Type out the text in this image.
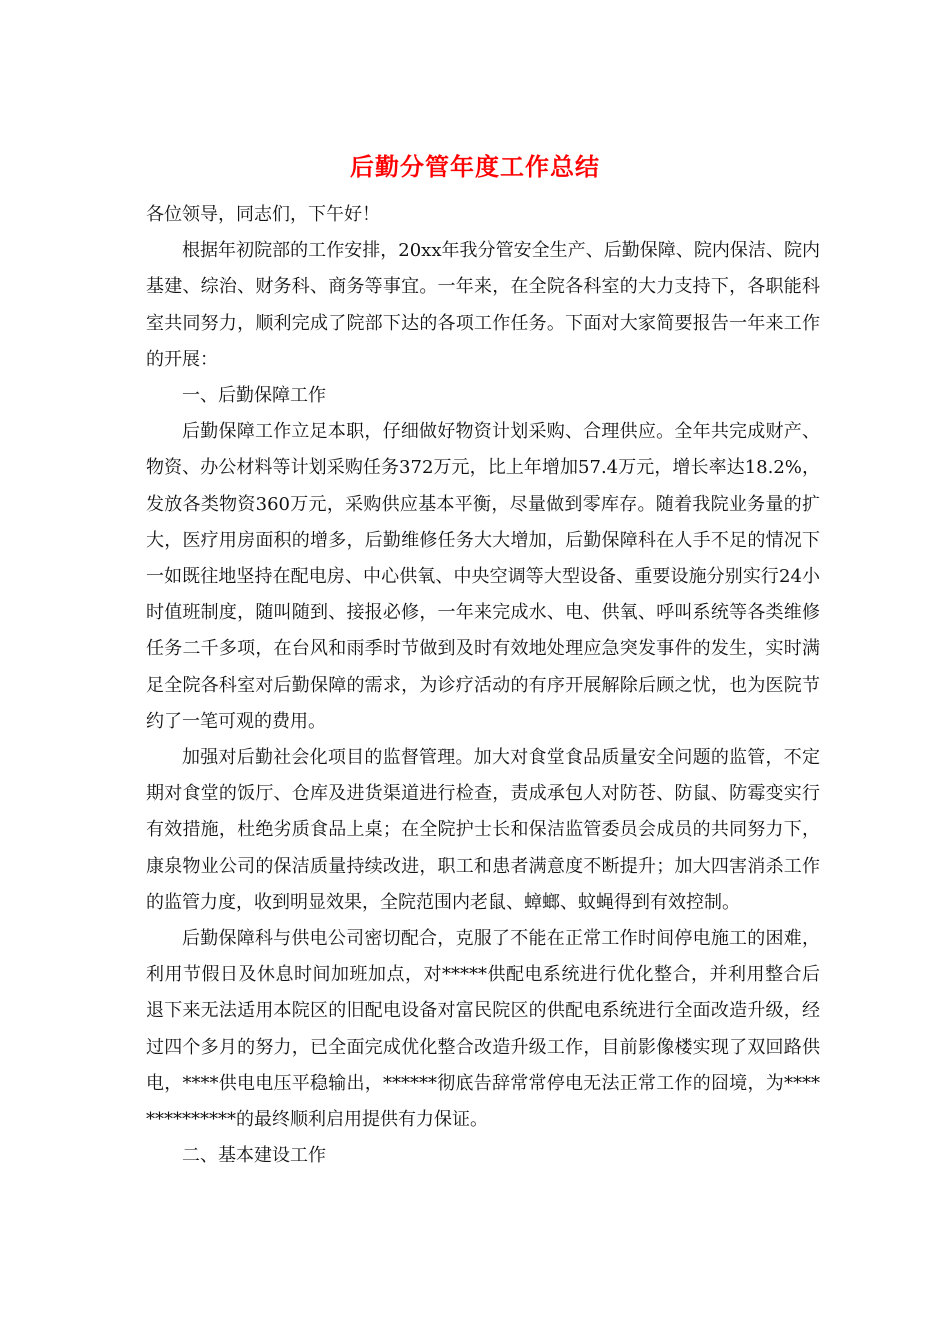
后勤分管年度工作总结

各位领导，同志们，下午好！

根据年初院部的工作安排，20xx年我分管安全生产、后勤保障、院内保洁、院内基建、综治、财务科、商务等事宜。一年来，在全院各科室的大力支持下，各职能科室共同努力，顺利完成了院部下达的各项工作任务。下面对大家简要报告一年来工作的开展：

一、后勤保障工作

后勤保障工作立足本职，仔细做好物资计划采购、合理供应。全年共完成财产、物资、办公材料等计划采购任务372万元，比上年增加57.4万元，增长率达18.2%，发放各类物资360万元，采购供应基本平衡，尽量做到零库存。随着我院业务量的扩大，医疗用房面积的增多，后勤维修任务大大增加，后勤保障科在人手不足的情况下一如既往地坚持在配电房、中心供氧、中央空调等大型设备、重要设施分别实行24小时值班制度，随叫随到、接报必修，一年来完成水、电、供氧、呼叫系统等各类维修任务二千多项，在台风和雨季时节做到及时有效地处理应急突发事件的发生，实时满足全院各科室对后勤保障的需求，为诊疗活动的有序开展解除后顾之忧，也为医院节约了一笔可观的费用。

加强对后勤社会化项目的监督管理。加大对食堂食品质量安全问题的监管，不定期对食堂的饭厅、仓库及进货渠道进行检查，责成承包人对防苍、防鼠、防霉变实行有效措施，杜绝劣质食品上桌；在全院护士长和保洁监管委员会成员的共同努力下，康泉物业公司的保洁质量持续改进，职工和患者满意度不断提升；加大四害消杀工作的监管力度，收到明显效果，全院范围内老鼠、蟑螂、蚊蝇得到有效控制。

后勤保障科与供电公司密切配合，克服了不能在正常工作时间停电施工的困难，利用节假日及休息时间加班加点，对*****供配电系统进行优化整合，并利用整合后退下来无法适用本院区的旧配电设备对富民院区的供配电系统进行全面改造升级，经过四个多月的努力，已全面完成优化整合改造升级工作，目前影像楼实现了双回路供电，****供电电压平稳输出，******彻底告辞常常停电无法正常工作的囧境，为**************的最终顺利启用提供有力保证。

二、基本建设工作
